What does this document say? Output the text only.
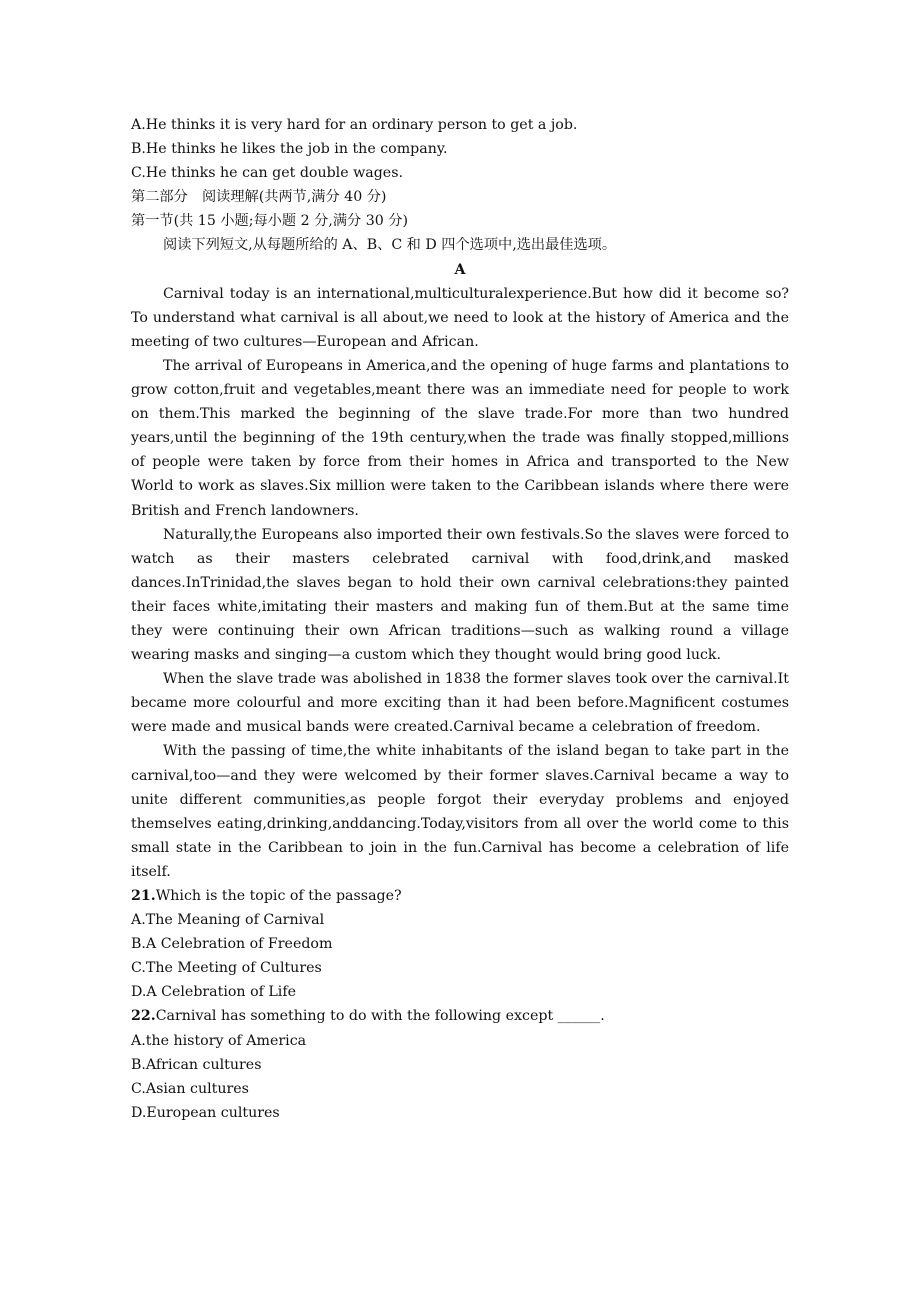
A.He thinks it is very hard for an ordinary person to get a job.

B.He thinks he likes the job in the company.

C.He thinks he can get double wages.

第二部分　阅读理解(共两节,满分 40 分)

第一节(共 15 小题;每小题 2 分,满分 30 分)

阅读下列短文,从每题所给的 A、B、C 和 D 四个选项中,选出最佳选项。

A

Carnival today is an international,multiculturalexperience.But how did it become so?To understand what carnival is all about,we need to look at the history of America and the meeting of two cultures—European and African.

The arrival of Europeans in America,and the opening of huge farms and plantations to grow cotton,fruit and vegetables,meant there was an immediate need for people to work on them.This marked the beginning of the slave trade.For more than two hundred years,until the beginning of the 19th century,when the trade was finally stopped,millions of people were taken by force from their homes in Africa and transported to the New World to work as slaves.Six million were taken to the Caribbean islands where there were British and French landowners.

Naturally,the Europeans also imported their own festivals.So the slaves were forced to watch as their masters celebrated carnival with food,drink,and masked dances.InTrinidad,the slaves began to hold their own carnival celebrations:they painted their faces white,imitating their masters and making fun of them.But at the same time they were continuing their own African traditions—such as walking round a village wearing masks and singing—a custom which they thought would bring good luck.

When the slave trade was abolished in 1838 the former slaves took over the carnival.It became more colourful and more exciting than it had been before.Magnificent costumes were made and musical bands were created.Carnival became a celebration of freedom.

With the passing of time,the white inhabitants of the island began to take part in the carnival,too—and they were welcomed by their former slaves.Carnival became a way to unite different communities,as people forgot their everyday problems and enjoyed themselves eating,drinking,anddancing.Today,visitors from all over the world come to this small state in the Caribbean to join in the fun.Carnival has become a celebration of life itself.

21.Which is the topic of the passage?

A.The Meaning of Carnival

B.A Celebration of Freedom

C.The Meeting of Cultures

D.A Celebration of Life

22.Carnival has something to do with the following except ______.

A.the history of America

B.African cultures

C.Asian cultures

D.European cultures
